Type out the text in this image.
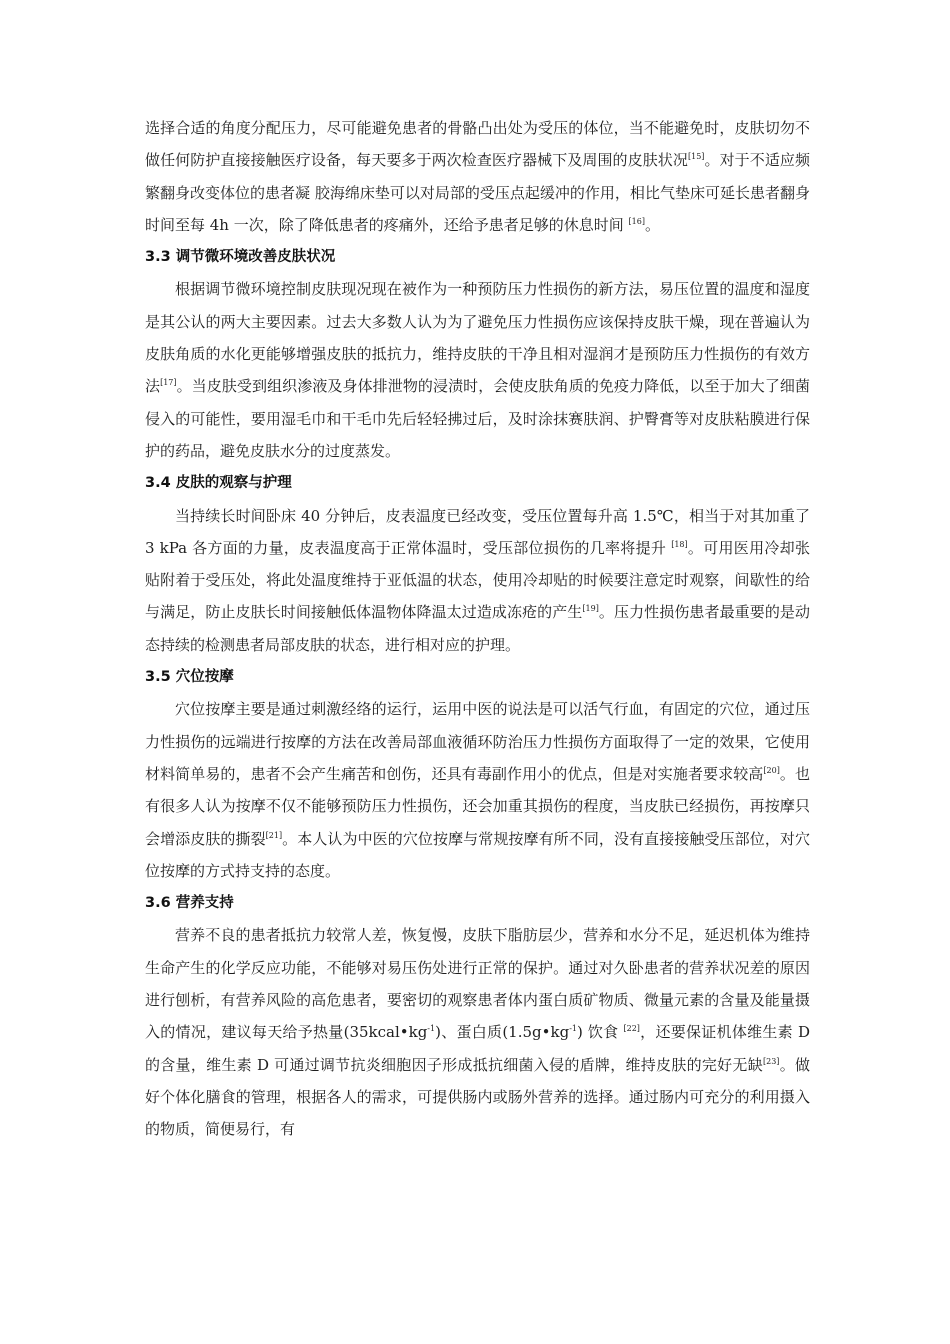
选择合适的角度分配压力，尽可能避免患者的骨骼凸出处为受压的体位，当不能避免时，皮肤切勿不做任何防护直接接触医疗设备，每天要多于两次检查医疗器械下及周围的皮肤状况[15]。对于不适应频繁翻身改变体位的患者凝 胶海绵床垫可以对局部的受压点起缓冲的作用，相比气垫床可延长患者翻身时间至每 4h 一次，除了降低患者的疼痛外，还给予患者足够的休息时间 [16]。

3.3 调节微环境改善皮肤状况

根据调节微环境控制皮肤现况现在被作为一种预防压力性损伤的新方法，易压位置的温度和湿度是其公认的两大主要因素。过去大多数人认为为了避免压力性损伤应该保持皮肤干燥，现在普遍认为皮肤角质的水化更能够增强皮肤的抵抗力，维持皮肤的干净且相对湿润才是预防压力性损伤的有效方法[17]。当皮肤受到组织渗液及身体排泄物的浸渍时，会使皮肤角质的免疫力降低，以至于加大了细菌侵入的可能性，要用湿毛巾和干毛巾先后轻轻拂过后，及时涂抹赛肤润、护臀膏等对皮肤粘膜进行保护的药品，避免皮肤水分的过度蒸发。

3.4 皮肤的观察与护理

当持续长时间卧床 40 分钟后，皮表温度已经改变，受压位置每升高 1.5℃，相当于对其加重了 3 kPa 各方面的力量，皮表温度高于正常体温时，受压部位损伤的几率将提升 [18]。可用医用冷却张贴附着于受压处，将此处温度维持于亚低温的状态，使用冷却贴的时候要注意定时观察，间歇性的给与满足，防止皮肤长时间接触低体温物体降温太过造成冻疮的产生[19]。压力性损伤患者最重要的是动态持续的检测患者局部皮肤的状态，进行相对应的护理。

3.5 穴位按摩

穴位按摩主要是通过刺激经络的运行，运用中医的说法是可以活气行血，有固定的穴位，通过压力性损伤的远端进行按摩的方法在改善局部血液循环防治压力性损伤方面取得了一定的效果，它使用材料简单易的，患者不会产生痛苦和创伤，还具有毒副作用小的优点，但是对实施者要求较高[20]。也有很多人认为按摩不仅不能够预防压力性损伤，还会加重其损伤的程度，当皮肤已经损伤，再按摩只会增添皮肤的撕裂[21]。本人认为中医的穴位按摩与常规按摩有所不同，没有直接接触受压部位，对穴位按摩的方式持支持的态度。

3.6 营养支持

营养不良的患者抵抗力较常人差，恢复慢，皮肤下脂肪层少，营养和水分不足，延迟机体为维持生命产生的化学反应功能，不能够对易压伤处进行正常的保护。通过对久卧患者的营养状况差的原因进行刨析，有营养风险的高危患者，要密切的观察患者体内蛋白质矿物质、微量元素的含量及能量摄入的情况，建议每天给予热量$(35kcal•kg^{-1})$、蛋白质$(1.5g•kg^{-1})$ 饮食 [22]，还要保证机体维生素 D 的含量，维生素 D 可通过调节抗炎细胞因子形成抵抗细菌入侵的盾牌，维持皮肤的完好无缺[23]。做好个体化膳食的管理，根据各人的需求，可提供肠内或肠外营养的选择。通过肠内可充分的利用摄入的物质，简便易行，有
